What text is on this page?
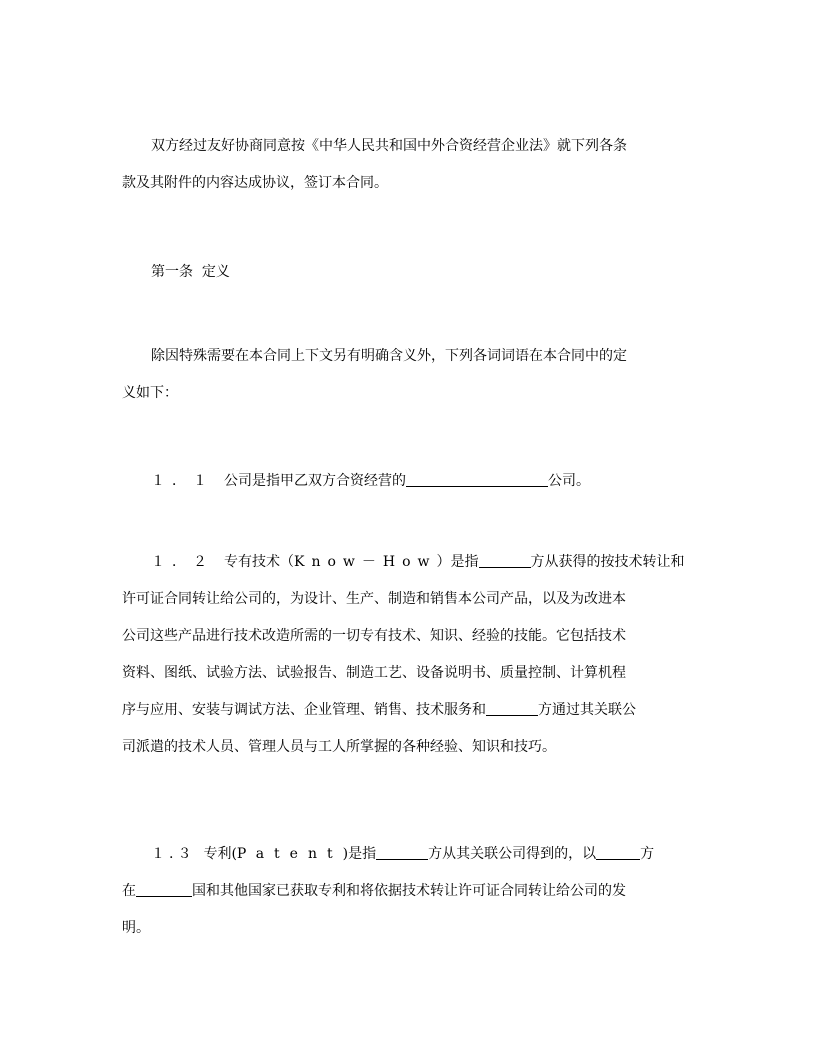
双方经过友好协商同意按《中华人民共和国中外合资经营企业法》就下列各条
款及其附件的内容达成协议，签订本合同。
第一条  定义
除因特殊需要在本合同上下文另有明确含义外，下列各词词语在本合同中的定
义如下：
１．１ 公司是指甲乙双方合资经营的	公司。
１．２ 专有技术（Know－How）是指	方从获得的按技术转让和
许可证合同转让给公司的，为设计、生产、制造和销售本公司产品，以及为改进本
公司这些产品进行技术改造所需的一切专有技术、知识、经验的技能。它包括技术
资料、图纸、试验方法、试验报告、制造工艺、设备说明书、质量控制、计算机程
序与应用、安装与调试方法、企业管理、销售、技术服务和	方通过其关联公
司派遣的技术人员、管理人员与工人所掌握的各种经验、知识和技巧。
１.３ 专利(Patent)是指	方从其关联公司得到的，以	方
在	国和其他国家已获取专利和将依据技术转让许可证合同转让给公司的发
明。
